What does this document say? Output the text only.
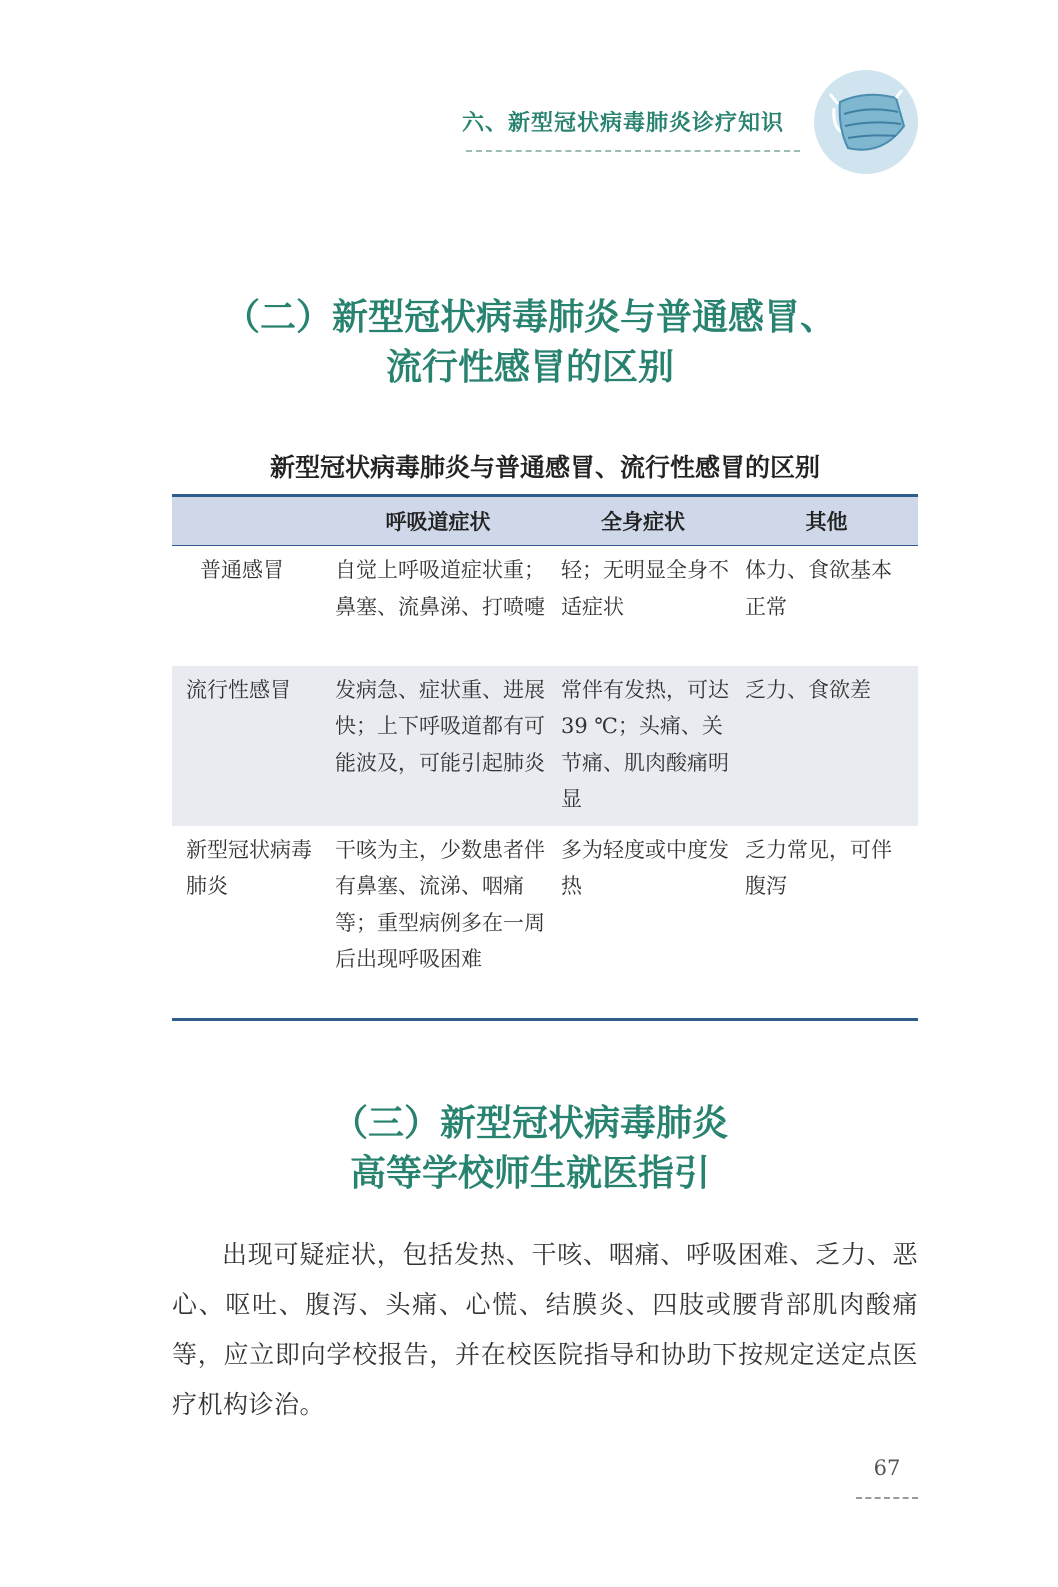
六、新型冠状病毒肺炎诊疗知识
（二）新型冠状病毒肺炎与普通感冒、
流行性感冒的区别
新型冠状病毒肺炎与普通感冒、流行性感冒的区别
	呼吸道症状	全身症状	其他
普通感冒	自觉上呼吸道症状重；鼻塞、流鼻涕、打喷嚏	轻；无明显全身不适症状	体力、食欲基本正常
流行性感冒	发病急、症状重、进展快；上下呼吸道都有可能波及，可能引起肺炎	常伴有发热，可达 39 ℃；头痛、关节痛、肌肉酸痛明显	乏力、食欲差
新型冠状病毒肺炎	干咳为主，少数患者伴有鼻塞、流涕、咽痛等；重型病例多在一周后出现呼吸困难	多为轻度或中度发热	乏力常见，可伴腹泻
（三）新型冠状病毒肺炎
高等学校师生就医指引

出现可疑症状，包括发热、干咳、咽痛、呼吸困难、乏力、恶心、呕吐、腹泻、头痛、心慌、结膜炎、四肢或腰背部肌肉酸痛等，应立即向学校报告，并在校医院指导和协助下按规定送定点医疗机构诊治。

67
